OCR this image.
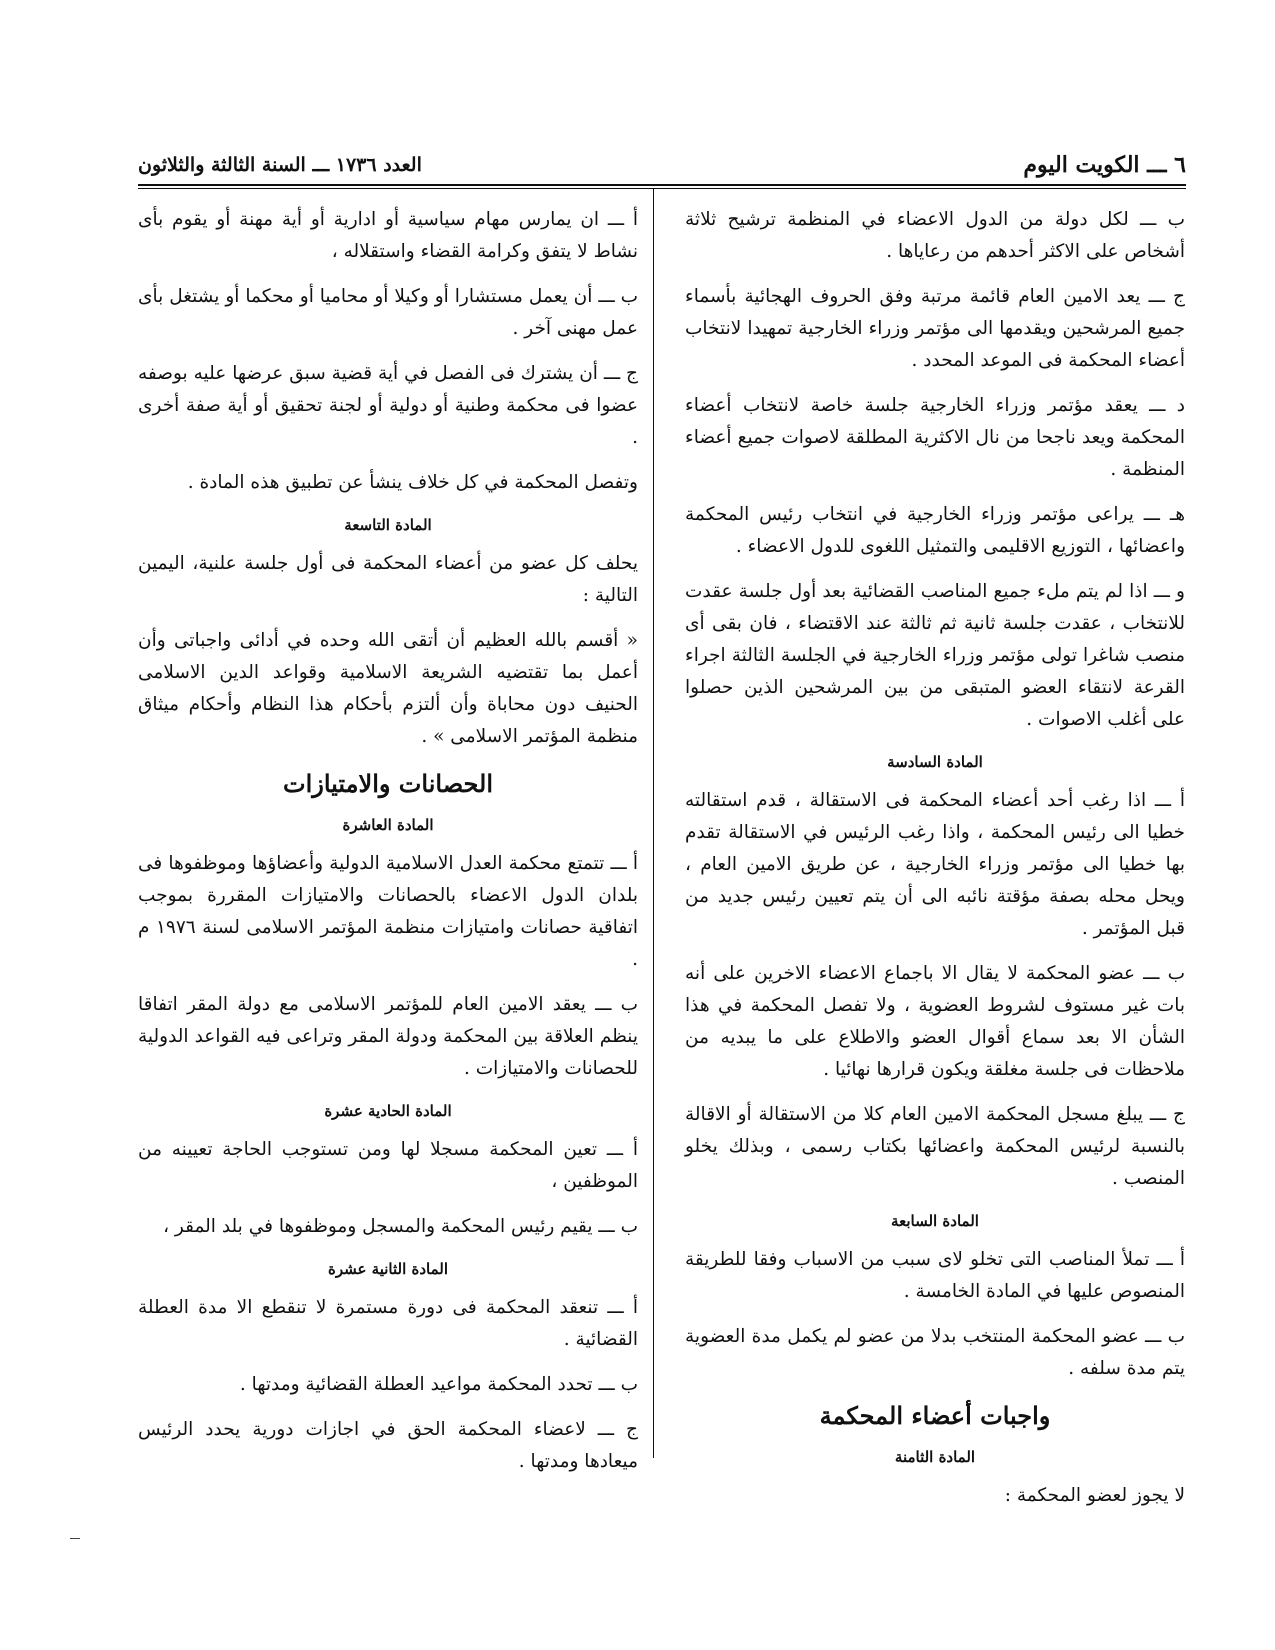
٦ ـــ الكويت اليوم
العدد ١٧٣٦ ـــ السنة الثالثة والثلاثون

ب ـــ لكل دولة من الدول الاعضاء في المنظمة ترشيح ثلاثة أشخاص على الاكثر أحدهم من رعاياها .

ج ـــ يعد الامين العام قائمة مرتبة وفق الحروف الهجائية بأسماء جميع المرشحين ويقدمها الى مؤتمر وزراء الخارجية تمهيدا لانتخاب أعضاء المحكمة فى الموعد المحدد .

د ـــ يعقد مؤتمر وزراء الخارجية جلسة خاصة لانتخاب أعضاء المحكمة ويعد ناجحا من نال الاكثرية المطلقة لاصوات جميع أعضاء المنظمة .

هـ ـــ يراعى مؤتمر وزراء الخارجية في انتخاب رئيس المحكمة واعضائها ، التوزيع الاقليمى والتمثيل اللغوى للدول الاعضاء .

و ـــ اذا لم يتم ملء جميع المناصب القضائية بعد أول جلسة عقدت للانتخاب ، عقدت جلسة ثانية ثم ثالثة عند الاقتضاء ، فان بقى أى منصب شاغرا تولى مؤتمر وزراء الخارجية في الجلسة الثالثة اجراء القرعة لانتقاء العضو المتبقى من بين المرشحين الذين حصلوا على أغلب الاصوات .

المادة السادسة

أ ـــ اذا رغب أحد أعضاء المحكمة فى الاستقالة ، قدم استقالته خطيا الى رئيس المحكمة ، واذا رغب الرئيس في الاستقالة تقدم بها خطيا الى مؤتمر وزراء الخارجية ، عن طريق الامين العام ، ويحل محله بصفة مؤقتة نائبه الى أن يتم تعيين رئيس جديد من قبل المؤتمر .

ب ـــ عضو المحكمة لا يقال الا باجماع الاعضاء الاخرين على أنه بات غير مستوف لشروط العضوية ، ولا تفصل المحكمة في هذا الشأن الا بعد سماع أقوال العضو والاطلاع على ما يبديه من ملاحظات فى جلسة مغلقة ويكون قرارها نهائيا .

ج ـــ يبلغ مسجل المحكمة الامين العام كلا من الاستقالة أو الاقالة بالنسبة لرئيس المحكمة واعضائها بكتاب رسمى ، وبذلك يخلو المنصب .

المادة السابعة

أ ـــ تملأ المناصب التى تخلو لاى سبب من الاسباب وفقا للطريقة المنصوص عليها في المادة الخامسة .

ب ـــ عضو المحكمة المنتخب بدلا من عضو لم يكمل مدة العضوية يتم مدة سلفه .

واجبات أعضاء المحكمة
المادة الثامنة

لا يجوز لعضو المحكمة :

أ ـــ ان يمارس مهام سياسية أو ادارية أو أية مهنة أو يقوم بأى نشاط لا يتفق وكرامة القضاء واستقلاله ،

ب ـــ أن يعمل مستشارا أو وكيلا أو محاميا أو محكما أو يشتغل بأى عمل مهنى آخر .

ج ـــ أن يشترك فى الفصل في أية قضية سبق عرضها عليه بوصفه عضوا فى محكمة وطنية أو دولية أو لجنة تحقيق أو أية صفة أخرى .

وتفصل المحكمة في كل خلاف ينشأ عن تطبيق هذه المادة .

المادة التاسعة

يحلف كل عضو من أعضاء المحكمة فى أول جلسة علنية، اليمين التالية :

« أقسم بالله العظيم أن أتقى الله وحده في أدائى واجباتى وأن أعمل بما تقتضيه الشريعة الاسلامية وقواعد الدين الاسلامى الحنيف دون محاباة وأن ألتزم بأحكام هذا النظام وأحكام ميثاق منظمة المؤتمر الاسلامى » .

الحصانات والامتيازات
المادة العاشرة

أ ـــ تتمتع محكمة العدل الاسلامية الدولية وأعضاؤها وموظفوها فى بلدان الدول الاعضاء بالحصانات والامتيازات المقررة بموجب اتفاقية حصانات وامتيازات منظمة المؤتمر الاسلامى لسنة ١٩٧٦ م .

ب ـــ يعقد الامين العام للمؤتمر الاسلامى مع دولة المقر اتفاقا ينظم العلاقة بين المحكمة ودولة المقر وتراعى فيه القواعد الدولية للحصانات والامتيازات .

المادة الحادية عشرة

أ ـــ تعين المحكمة مسجلا لها ومن تستوجب الحاجة تعيينه من الموظفين ،

ب ـــ يقيم رئيس المحكمة والمسجل وموظفوها في بلد المقر ،

المادة الثانية عشرة

أ ـــ تنعقد المحكمة فى دورة مستمرة لا تنقطع الا مدة العطلة القضائية .

ب ـــ تحدد المحكمة مواعيد العطلة القضائية ومدتها .

ج ـــ لاعضاء المحكمة الحق في اجازات دورية يحدد الرئيس ميعادها ومدتها .
